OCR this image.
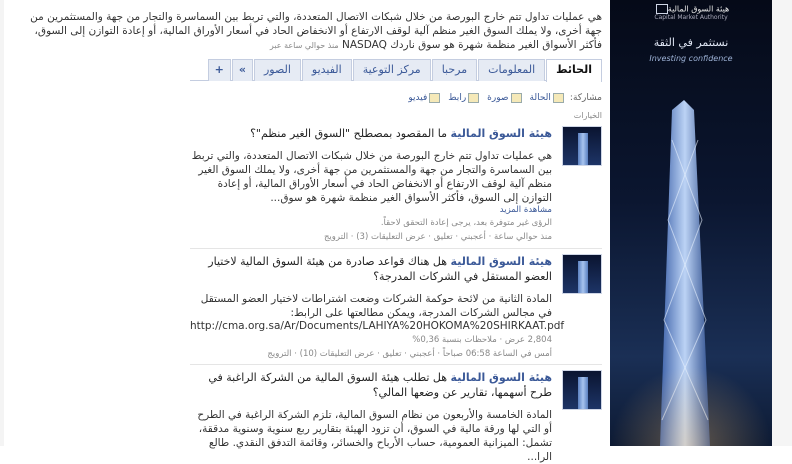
هي عمليات تداول تتم خارج البورصة من خلال شبكات الاتصال المتعددة، والتي تربط بين السماسرة والتجار من جهة والمستثمرين من جهة أخرى، ولا يملك السوق الغير منظم آلية لوقف الارتفاع أو الانخفاض الحاد في أسعار الأوراق المالية، أو إعادة التوازن إلى السوق، فأكثر الأسواق الغير منظمة شهرة هو سوق ناردك NASDAQ منذ حوالي ساعة عبر
الحائط
المعلومات
مرحبا
مركز التوعية
الفيديو
الصور
»
+
مشاركة:
الحالة
صورة
رابط
فيديو
الخيارات
هيئة السوق المالية ما المقصود بمصطلح "السوق الغير منظم"؟
هي عمليات تداول تتم خارج البورصة من خلال شبكات الاتصال المتعددة، والتي تربط بين السماسرة والتجار من جهة والمستثمرين من جهة أخرى، ولا يملك السوق الغير منظم آلية لوقف الارتفاع أو الانخفاض الحاد في أسعار الأوراق المالية، أو إعادة التوازن إلى السوق، فأكثر الأسواق الغير منظمة شهرة هو سوق...
مشاهدة المزيد
الرؤى غير متوفرة بعد، يرجى إعادة التحقق لاحقاً.
منذ حوالي ساعة · أعجبني · تعليق · عرض التعليقات (3) · الترويج
هيئة السوق المالية هل هناك قواعد صادرة من هيئة السوق المالية لاختيار العضو المستقل في الشركات المدرجة؟
المادة الثانية من لائحة حوكمة الشركات وضعت اشتراطات لاختيار العضو المستقل في مجالس الشركات المدرجة، ويمكن مطالعتها على الرابط:
http://cma.org.sa/Ar/Documents/LAHIYA%20HOKOMA%20SHIRKAAT.pdf
2,804 عرض · ملاحظات بنسبة 0,36%
أمس في الساعة 06:58 صباحاً · أعجبني · تعليق · عرض التعليقات (10) · الترويج
هيئة السوق المالية هل تطلب هيئة السوق المالية من الشركة الراغبة في طرح أسهمها، تقارير عن وضعها المالي؟
المادة الخامسة والأربعون من نظام السوق المالية، تلزم الشركة الراغبة في الطرح أو التي لها ورقة مالية في السوق، أن تزود الهيئة بتقارير ربع سنوية وسنوية مدققة، تشمل: الميزانية العمومية، حساب الأرباح والخسائر، وقائمة التدفق النقدي. طالع الرا...
هيئة السوق المالية
Capital Market Authority
نستثمر في الثقة
Investing confidence
